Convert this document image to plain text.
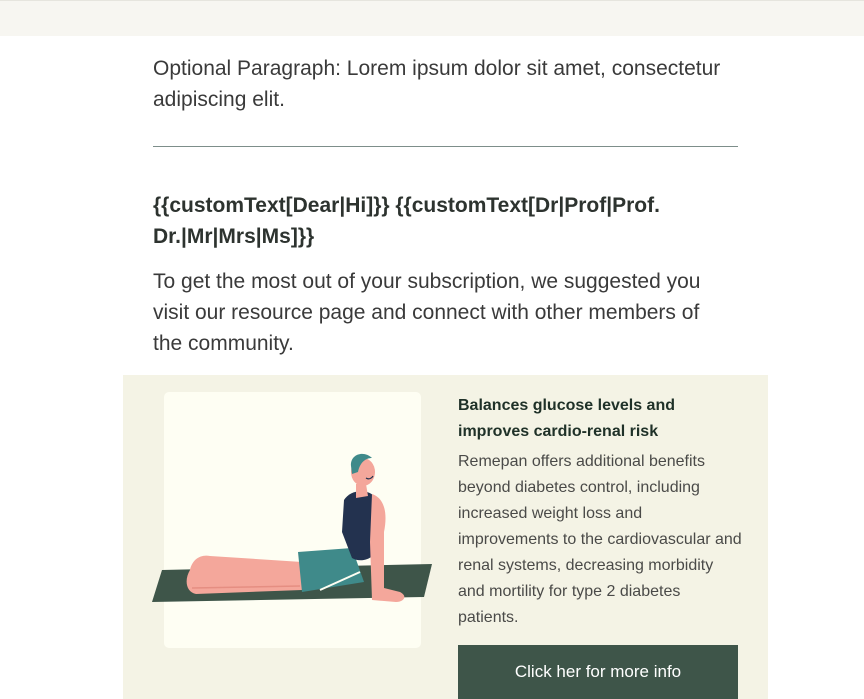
Optional Paragraph: Lorem ipsum dolor sit amet, consectetur adipiscing elit.

{{customText[Dear|Hi]}} {{customText[Dr|Prof|Prof. Dr.|Mr|Mrs|Ms]}}

To get the most out of your subscription, we suggested you visit our resource page and connect with other members of the community.

Balances glucose levels and improves cardio-renal risk

Remepan offers additional benefits beyond diabetes control, including increased weight loss and improvements to the cardiovascular and renal systems, decreasing morbidity and mortility for type 2 diabetes patients.

Click her for more info
